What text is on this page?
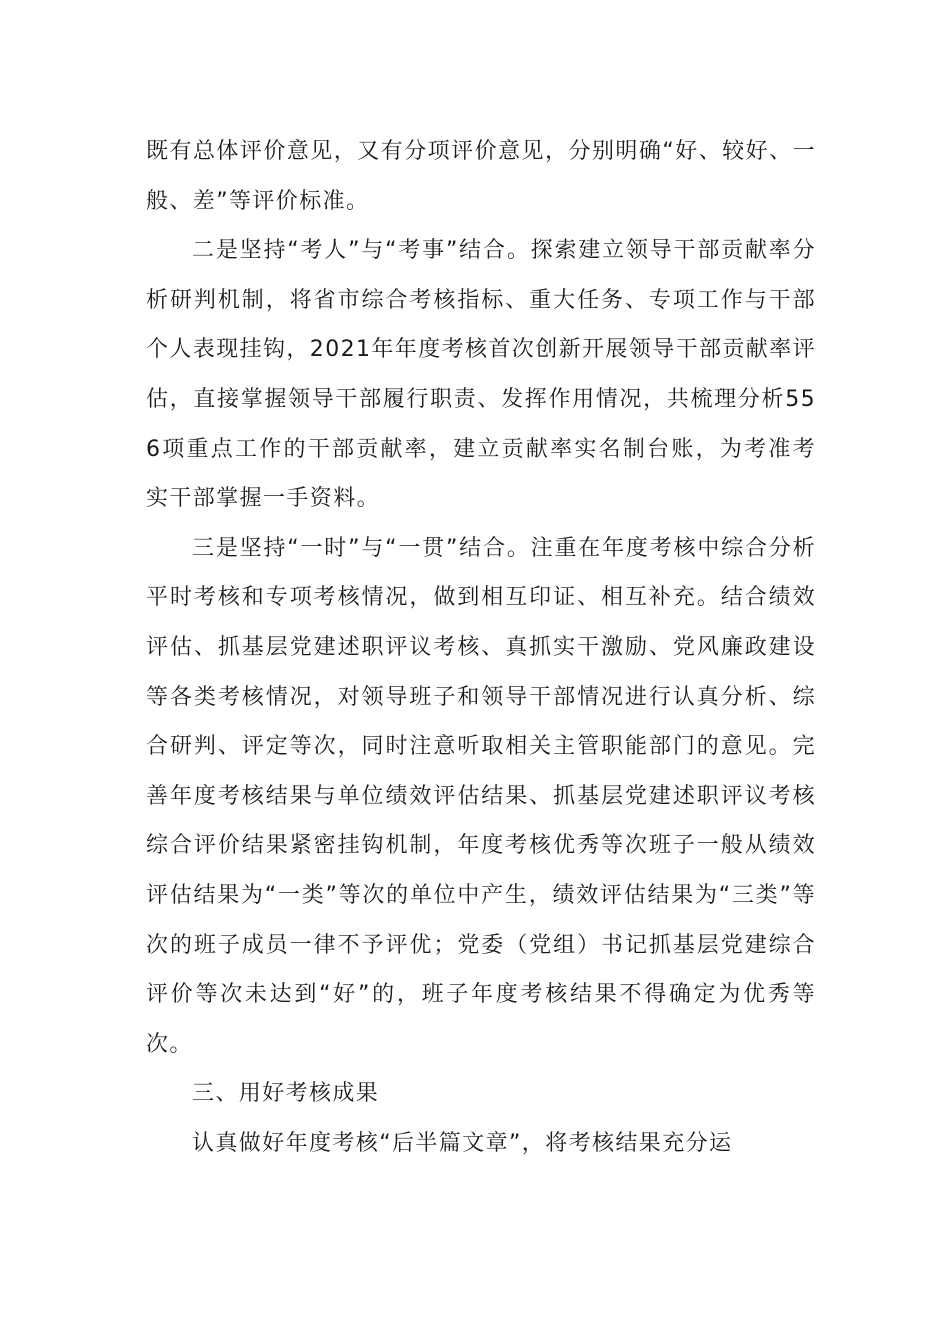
既有总体评价意见，又有分项评价意见，分别明确“好、较好、一般、差”等评价标准。

二是坚持“考人”与“考事”结合。探索建立领导干部贡献率分析研判机制，将省市综合考核指标、重大任务、专项工作与干部个人表现挂钩，2021年年度考核首次创新开展领导干部贡献率评估，直接掌握领导干部履行职责、发挥作用情况，共梳理分析556项重点工作的干部贡献率，建立贡献率实名制台账，为考准考实干部掌握一手资料。

三是坚持“一时”与“一贯”结合。注重在年度考核中综合分析平时考核和专项考核情况，做到相互印证、相互补充。结合绩效评估、抓基层党建述职评议考核、真抓实干激励、党风廉政建设等各类考核情况，对领导班子和领导干部情况进行认真分析、综合研判、评定等次，同时注意听取相关主管职能部门的意见。完善年度考核结果与单位绩效评估结果、抓基层党建述职评议考核综合评价结果紧密挂钩机制，年度考核优秀等次班子一般从绩效评估结果为“一类”等次的单位中产生，绩效评估结果为“三类”等次的班子成员一律不予评优；党委（党组）书记抓基层党建综合评价等次未达到“好”的，班子年度考核结果不得确定为优秀等次。

三、用好考核成果

认真做好年度考核“后半篇文章”，将考核结果充分运
